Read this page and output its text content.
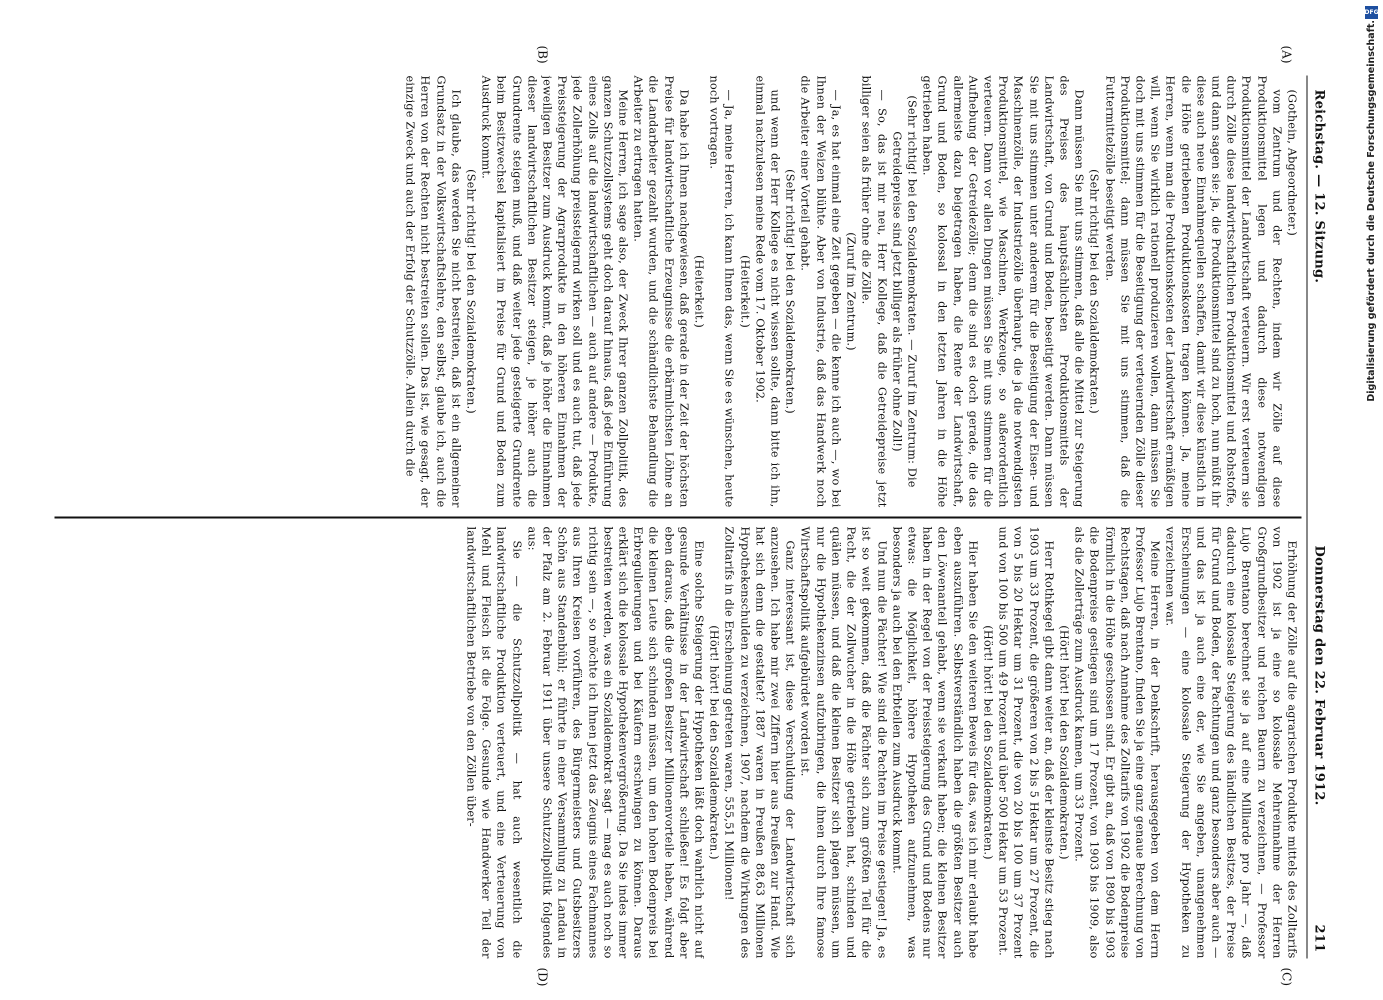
Reichstag. — 12. Sitzung.
Donnerstag den 22. Februar 1912.
211
(A)
(B)
(C)
(D)

(Gothein, Abgeordneter.)

vom Zentrum und der Rechten, indem wir Zölle auf diese Produktionsmittel legen und dadurch diese notwendigen Produktionsmittel der Landwirtschaft verteuern. Wir erst verteuern sie durch Zölle diese landwirtschaftlichen Produktionsmittel und Rohstoffe, und dann sagen sie: ja, die Produktionsmittel sind zu hoch, nun müßt ihr diese auch neue Einnahmequellen schaffen, damit wir diese künstlich in die Höhe getriebenen Produktionskosten tragen können. Ja, meine Herren, wenn man die Produktionskosten der Landwirtschaft ermäßigen will, wenn Sie wirklich rationell produzieren wollen, dann müssen Sie doch mit uns stimmen für die Beseitigung der verteuernden Zölle dieser Produktionsmittel; dann müssen Sie mit uns stimmen, daß die Futtermittelzölle beseitigt werden.

(Sehr richtig! bei den Sozialdemokraten.)

Dann müssen Sie mit uns stimmen, daß alle die Mittel zur Steigerung des Preises des hauptsächlichsten Produktionsmittels der Landwirtschaft, von Grund und Boden, beseitigt werden. Dann müssen Sie mit uns stimmen unter anderem für die Beseitigung der Eisen- und Maschinenzölle, der Industriezölle überhaupt, die ja die notwendigsten Produktionsmittel, wie Maschinen, Werkzeuge, so außerordentlich verteuern. Dann vor allen Dingen müssen Sie mit uns stimmen für die Aufhebung der Getreidezölle; denn die sind es doch gerade, die das allermeiste dazu beigetragen haben, die Rente der Landwirtschaft, Grund und Boden, so kolossal in den letzten Jahren in die Höhe getrieben haben.

(Sehr richtig! bei den Sozialdemokraten. — Zuruf im Zentrum: Die Getreidepreise sind jetzt billiger als früher ohne Zoll!)

— So, das ist mir neu, Herr Kollege, daß die Getreidepreise jetzt billiger seien als früher ohne die Zölle.

(Zuruf im Zentrum.)

— Ja, es hat einmal eine Zeit gegeben — die kenne ich auch —, wo bei Ihnen der Weizen blühte. Aber von Industrie, daß das Handwerk noch die Arbeiter einer Vorteil gehabt.

(Sehr richtig! bei den Sozialdemokraten.)

und wenn der Herr Kollege es nicht wissen sollte, dann bitte ich ihn, einmal nachzulesen meine Rede vom 17. Oktober 1902.

(Heiterkeit.)

— Ja, meine Herren, ich kann Ihnen das, wenn Sie es wünschen, heute noch vortragen.

(Heiterkeit.)

Da habe ich Ihnen nachgewiesen, daß gerade in der Zeit der höchsten Preise für landwirtschaftliche Erzeugnisse die erbärmlichsten Löhne an die Landarbeiter gezahlt wurden, und die schändlichste Behandlung die Arbeiter zu ertragen hatten.

Meine Herren, ich sage also, der Zweck Ihrer ganzen Zollpolitik, des ganzen Schutzzollsystems geht doch darauf hinaus, daß jede Einführung eines Zolls auf die landwirtschaftlichen — auch auf andere — Produkte, jede Zollerhöhung preissteigernd wirken soll und es auch tut, daß jede Preissteigerung der Agrarprodukte in den höheren Einnahmen der jeweiligen Besitzer zum Ausdruck kommt, daß je höher die Einnahmen dieser landwirtschaftlichen Besitzer steigen, je höher auch die Grundrente steigen muß, und daß weiter jede gesteigerte Grundrente beim Besitzwechsel kapitalisiert im Preise für Grund und Boden zum Ausdruck kommt.

(Sehr richtig! bei den Sozialdemokraten.)

Ich glaube, das werden Sie nicht bestreiten, daß ist ein allgemeiner Grundsatz in der Volkswirtschaftslehre, den selbst, glaube ich, auch die Herren von der Rechten nicht bestreiten sollen. Das ist, wie gesagt, der einzige Zweck und auch der Erfolg der Schutzzölle. Allein durch die

Erhöhung der Zölle auf die agrarischen Produkte mittels des Zolltarifs von 1902 ist ja eine so kolossale Mehreinnahme der Herren Großgrundbesitzer und reichen Bauern zu verzeichnen, — Professor Lujo Brentano berechnet sie ja auf eine Milliarde pro Jahr —, daß dadurch eine kolossale Steigerung des ländlichen Besitzes, der Preise für Grund und Boden, der Pachtungen und ganz besonders aber auch — und das ist ja auch eine der, wie Sie angeben, unangenehmen Erscheinungen — eine kolossale Steigerung der Hypotheken zu verzeichnen war.

Meine Herren, in der Denkschrift, herausgegeben von dem Herrn Professor Lujo Brentano, finden Sie ja eine ganz genaue Berechnung von Rechtstagen, daß nach Annahme des Zolltarifs von 1902 die Bodenpreise förmlich in die Höhe geschossen sind. Er gibt an, daß von 1890 bis 1903 die Bodenpreise gestiegen sind um 17 Prozent, von 1903 bis 1909, also als die Zollerträge zum Ausdruck kamen, um 33 Prozent.

(Hört! hört! bei den Sozialdemokraten.)

Herr Rothkegel gibt dann weiter an, daß der kleinste Besitz stieg nach 1903 um 33 Prozent, die größeren von 2 bis 5 Hektar um 27 Prozent, die von 5 bis 20 Hektar um 31 Prozent, die von 20 bis 100 um 37 Prozent und von 100 bis 500 um 49 Prozent und über 500 Hektar um 53 Prozent.

(Hört! hört! bei den Sozialdemokraten.)

Hier haben Sie den weiteren Beweis für das, was ich mir erlaubt habe eben auszuführen. Selbstverständlich haben die größten Besitzer auch den Löwenanteil gehabt, wenn sie verkauft haben; die kleinen Besitzer haben in der Regel von der Preissteigerung des Grund und Bodens nur etwas: die Möglichkeit, höhere Hypotheken aufzunehmen, was besonders ja auch bei den Erbteilen zum Ausdruck kommt.

Und nun die Pächter! Wie sind die Pachten im Preise gestiegen! Ja, es ist so weit gekommen, daß die Pächter sich zum größten Teil für die Pacht, die der Zollwucher in die Höhe getrieben hat, schinden und quälen müssen, und daß die kleinen Besitzer sich plagen müssen, um nur die Hypothekenzinsen aufzubringen, die ihnen durch Ihre famose Wirtschaftspolitik aufgebürdet worden ist.

Ganz interessant ist, diese Verschuldung der Landwirtschaft sich anzusehen. Ich habe mir zwei Ziffern hier aus Preußen zur Hand. Wie hat sich denn die gestaltet? 1887 waren in Preußen 88,63 Millionen Hypothekenschulden zu verzeichnen, 1907, nachdem die Wirkungen des Zolltarifs in die Erscheinung getreten waren, 555,51 Millionen!

(Hört! hört! bei den Sozialdemokraten.)

Eine solche Steigerung der Hypotheken läßt doch wahrlich nicht auf gesunde Verhältnisse in der Landwirtschaft schließen! Es folgt aber eben daraus, daß die großen Besitzer Millionenvorteile haben, während die kleinen Leute sich schinden müssen, um den hohen Bodenpreis bei Erbregulierungen und bei Käufern erschwingen zu können. Daraus erklärt sich die kolossale Hypothekenvergrößerung. Da Sie indes immer bestreiten werden, was ein Sozialdemokrat sagt — mag es auch noch so richtig sein —, so möchte ich Ihnen jetzt das Zeugnis eines Fachmannes aus Ihren Kreisen vorführen, des Bürgermeisters und Gutsbesitzers Schön aus Standenbühl; er führte in einer Versammlung zu Landau in der Pfalz am 2. Februar 1911 über unsere Schutzzollpolitik folgendes aus:

Sie — die Schutzzollpolitik — hat auch wesentlich die landwirtschaftliche Produktion verteuert, und eine Verteuerung von Mehl und Fleisch ist die Folge. Gesunde wie Handwerker Teil der landwirtschaftlichen Betriebe von den Zöllen über-

DFG
Digitalisierung gefördert durch die Deutsche Forschungsgemeinschaft.
